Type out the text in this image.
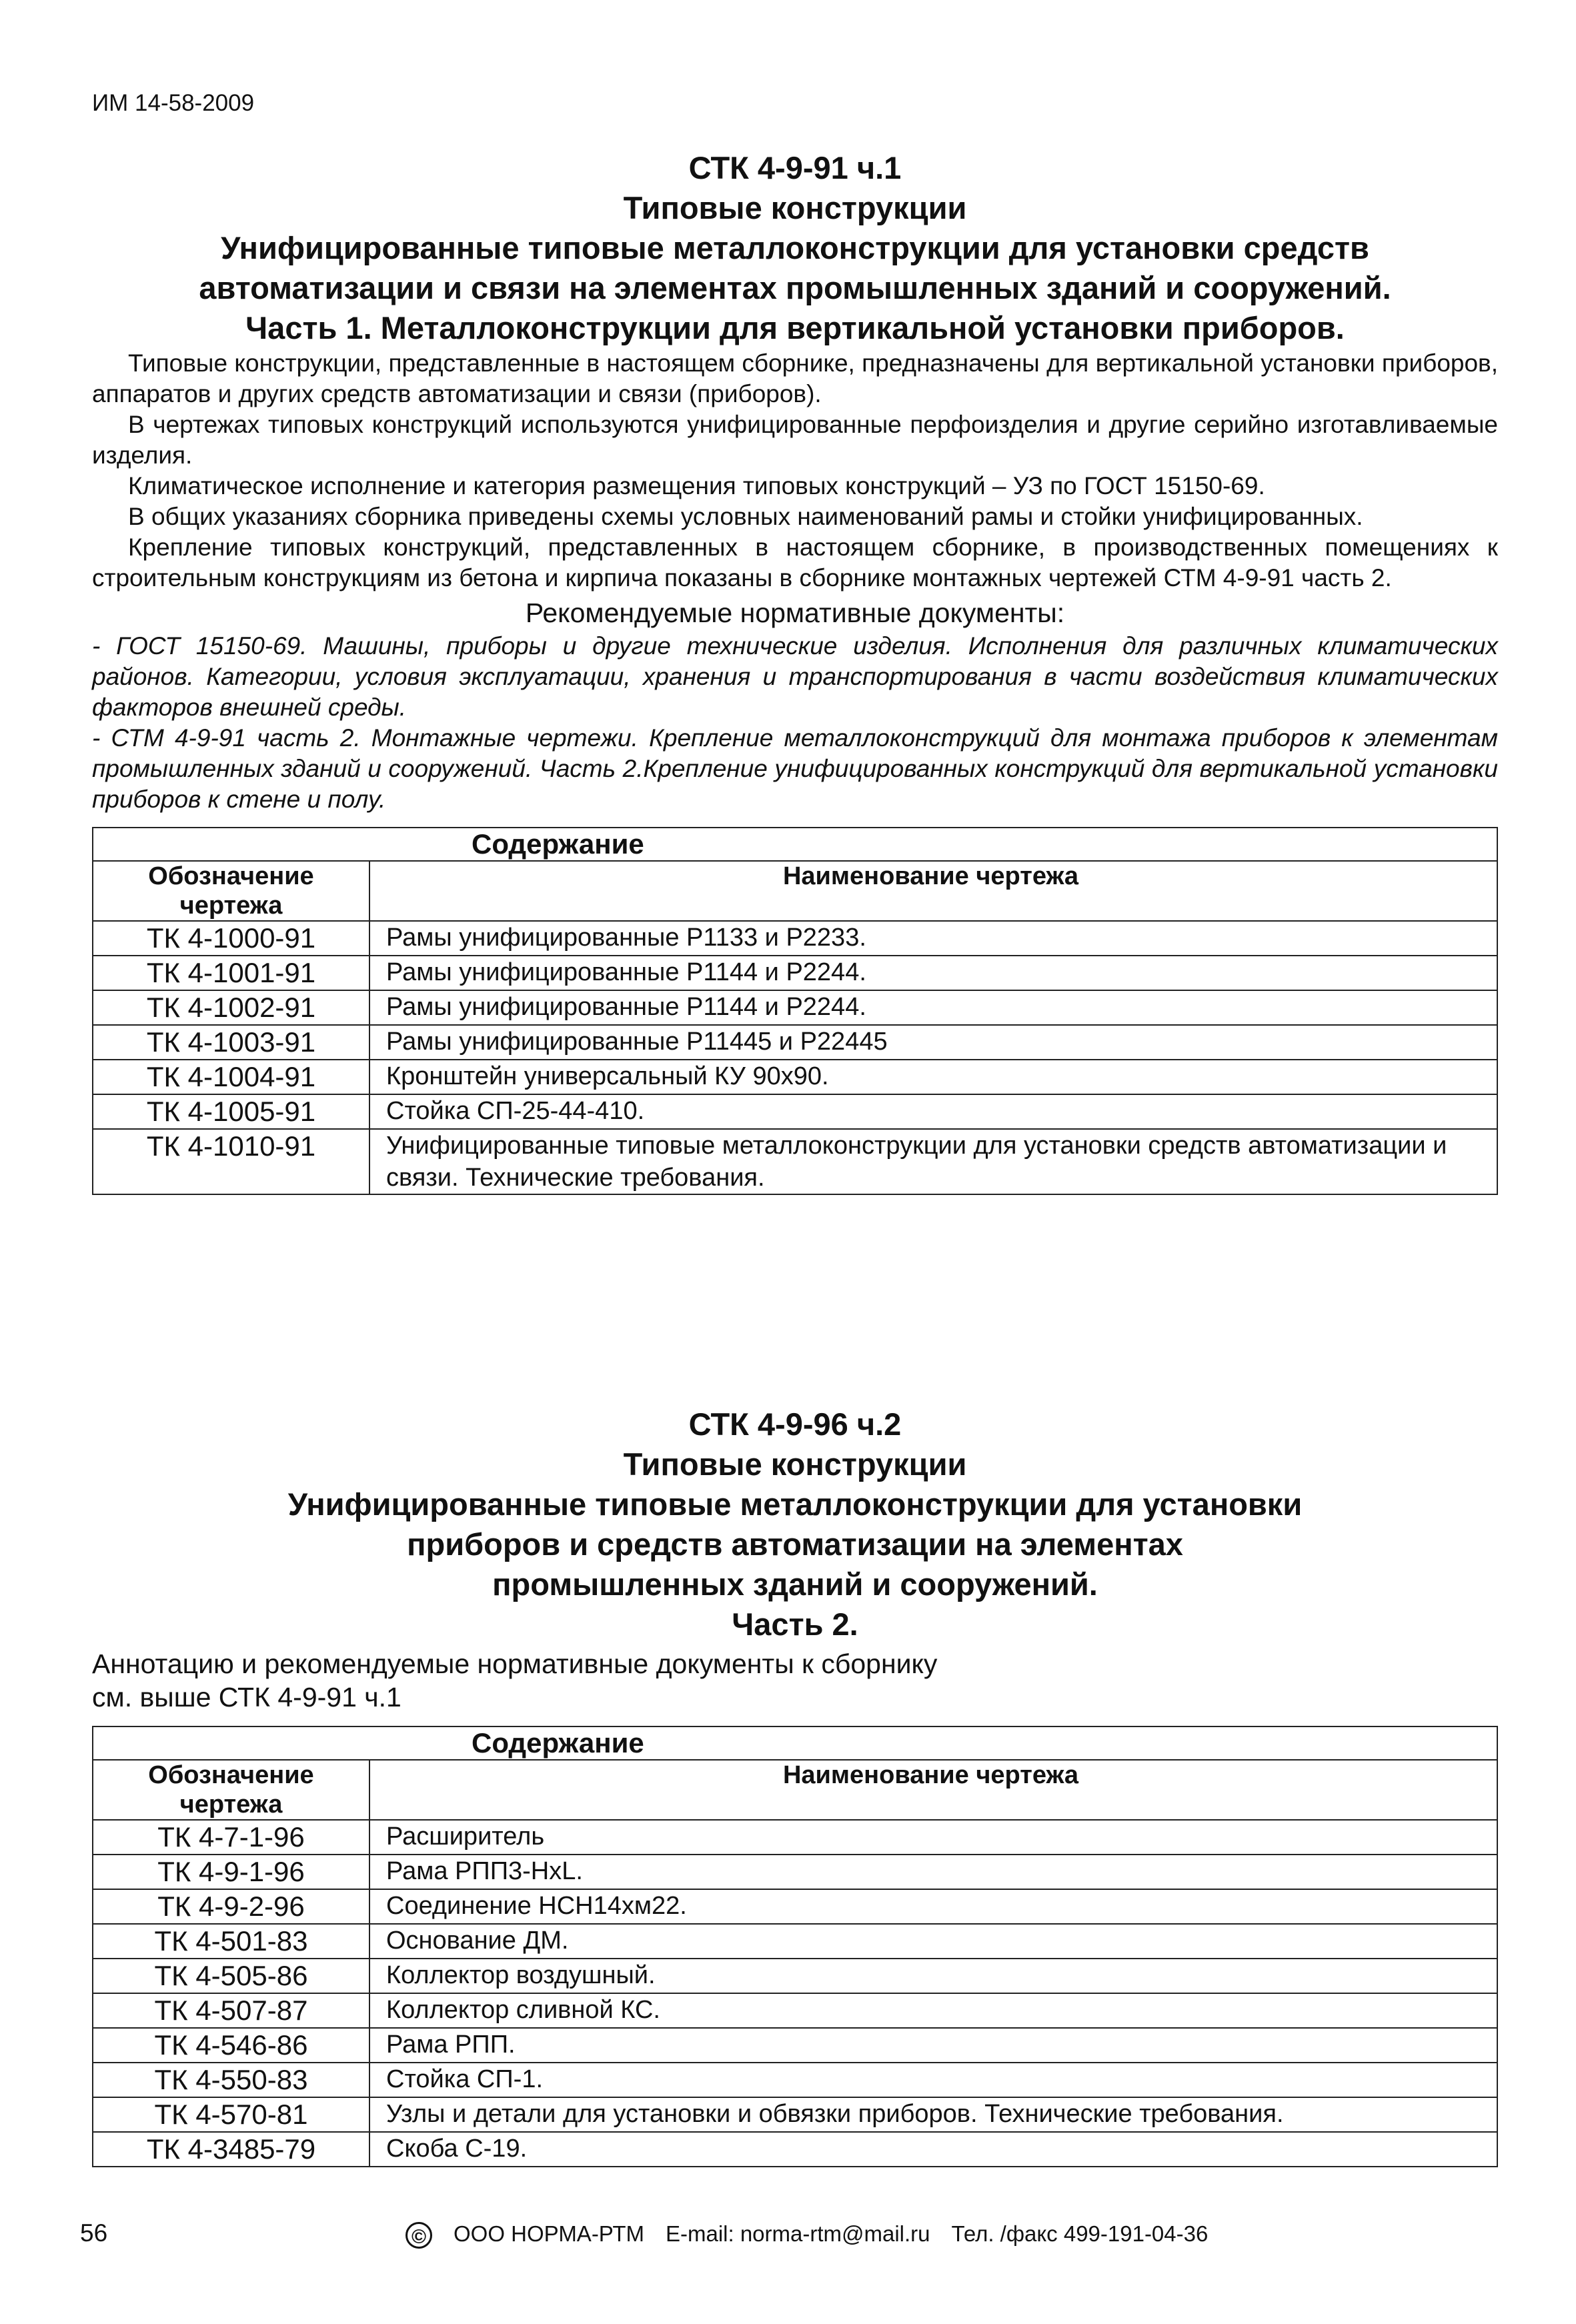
ИМ 14-58-2009
СТК 4-9-91 ч.1
Типовые конструкции
Унифицированные типовые металлоконструкции для установки средств
автоматизации и связи на элементах промышленных зданий и сооружений.
Часть 1. Металлоконструкции для вертикальной установки приборов.

Типовые конструкции, представленные в настоящем сборнике, предназначены для вертикальной установки приборов, аппаратов и других средств автоматизации и связи (приборов).

В чертежах типовых конструкций используются унифицированные перфоизделия и другие серийно изготавливаемые изделия.

Климатическое исполнение и категория размещения типовых конструкций – УЗ по ГОСТ 15150-69.

В общих указаниях сборника приведены схемы условных наименований рамы и стойки унифицированных.

Крепление типовых конструкций, представленных в настоящем сборнике, в производственных помещениях к строительным конструкциям из бетона и кирпича показаны в сборнике монтажных чертежей СТМ 4-9-91 часть 2.

Рекомендуемые нормативные документы:

- ГОСТ 15150-69. Машины, приборы и другие технические изделия. Исполнения для различных климатических районов. Категории, условия эксплуатации, хранения и транспортирования в части воздействия климатических факторов внешней среды.

- СТМ 4-9-91 часть 2. Монтажные чертежи. Крепление металлоконструкций для монтажа приборов к элементам промышленных зданий и сооружений. Часть 2.Крепление унифицированных конструкций для вертикальной установки приборов к стене и полу.

Содержание	
Обозначение чертежа	Наименование чертежа
ТК 4-1000-91	Рамы унифицированные Р1133 и Р2233.
ТК 4-1001-91	Рамы унифицированные Р1144 и Р2244.
ТК 4-1002-91	Рамы унифицированные Р1144 и Р2244.
ТК 4-1003-91	Рамы унифицированные Р11445 и Р22445
ТК 4-1004-91	Кронштейн универсальный КУ 90х90.
ТК 4-1005-91	Стойка СП-25-44-410.
ТК 4-1010-91	Унифицированные типовые металлоконструкции для установки средств автоматизации и связи. Технические требования.
СТК 4-9-96 ч.2
Типовые конструкции
Унифицированные типовые металлоконструкции для установки
приборов и средств автоматизации на элементах
промышленных зданий и сооружений.
Часть 2.
Аннотацию и рекомендуемые нормативные документы к сборнику
см. выше СТК 4-9-91 ч.1
Содержание	
Обозначение чертежа	Наименование чертежа
ТК 4-7-1-96	Расширитель
ТК 4-9-1-96	Рама РПП3-НхL.
ТК 4-9-2-96	Соединение НСН14хм22.
ТК 4-501-83	Основание ДМ.
ТК 4-505-86	Коллектор воздушный.
ТК 4-507-87	Коллектор сливной КС.
ТК 4-546-86	Рама РПП.
ТК 4-550-83	Стойка СП-1.
ТК 4-570-81	Узлы и детали для установки и обвязки приборов. Технические требования.
ТК 4-3485-79	Скоба С-19.
56	© ООО НОРМА-РТМ E-mail: norma-rtm@mail.ru Тел. /факс 499-191-04-36
